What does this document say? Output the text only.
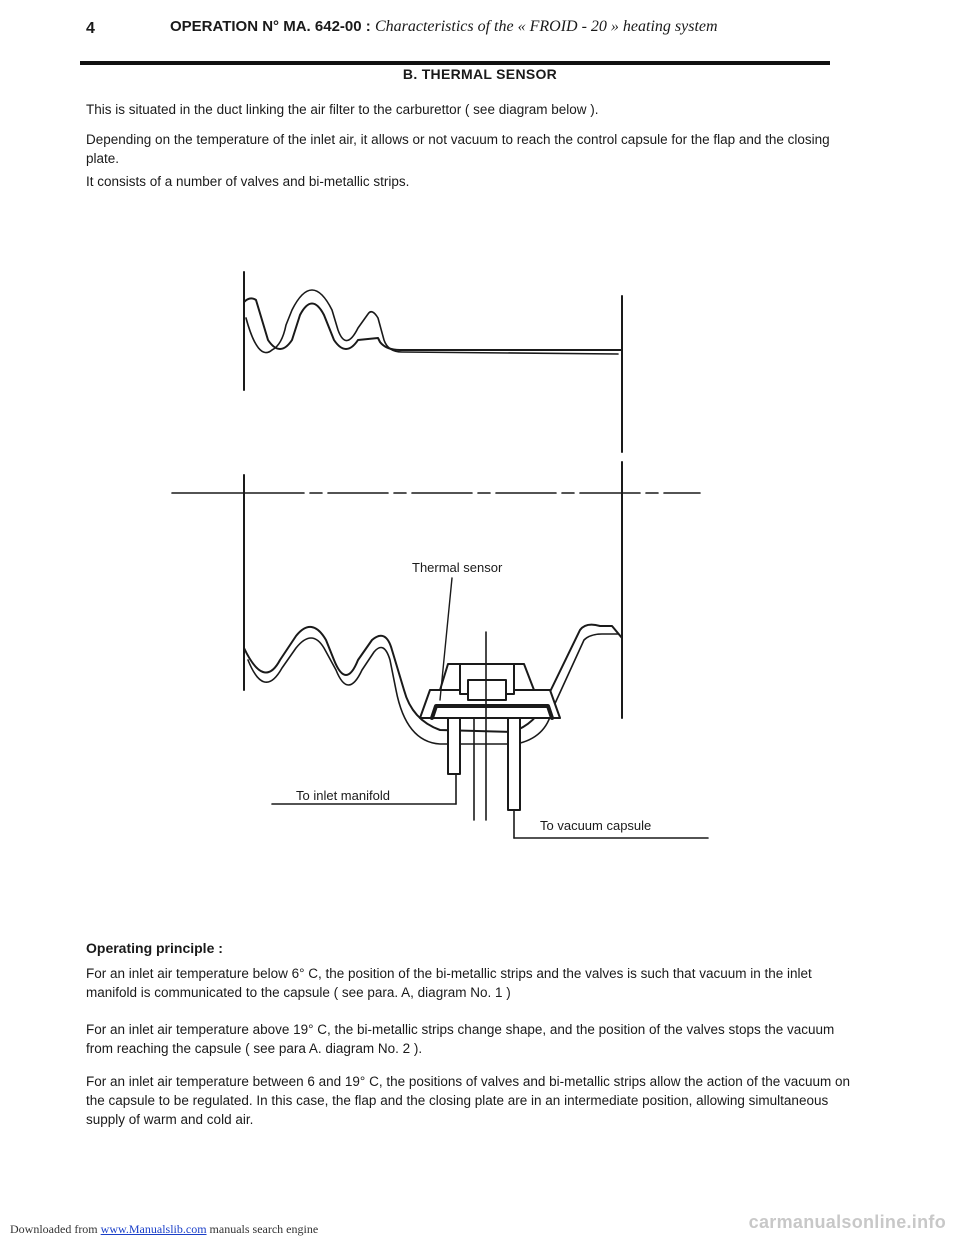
4	OPERATION N° MA. 642-00 : Characteristics of the « FROID - 20 » heating system
B. THERMAL SENSOR

This is situated in the duct linking the air filter to the carburettor ( see diagram below ).

Depending on the temperature of the inlet air, it allows or not vacuum to reach the control capsule for the flap and the closing plate.

It consists of a number of valves and bi-metallic strips.

Thermal sensor
To inlet manifold
To vacuum capsule
Operating principle :

For an inlet air temperature below 6° C, the position of the bi-metallic strips and the valves is such that vacuum in the inlet manifold is communicated to the capsule ( see para. A, diagram No. 1 )

For an inlet air temperature above 19° C, the bi-metallic strips change shape, and the position of the valves stops the vacuum from reaching the capsule ( see para A. diagram No. 2 ).

For an inlet air temperature between 6 and 19° C, the positions of valves and bi-metallic strips allow the action of the vacuum on the capsule to be regulated. In this case, the flap and the closing plate are in an intermediate position, allowing simultaneous supply of warm and cold air.

Downloaded from www.Manualslib.com manuals search engine	carmanualsonline.info
